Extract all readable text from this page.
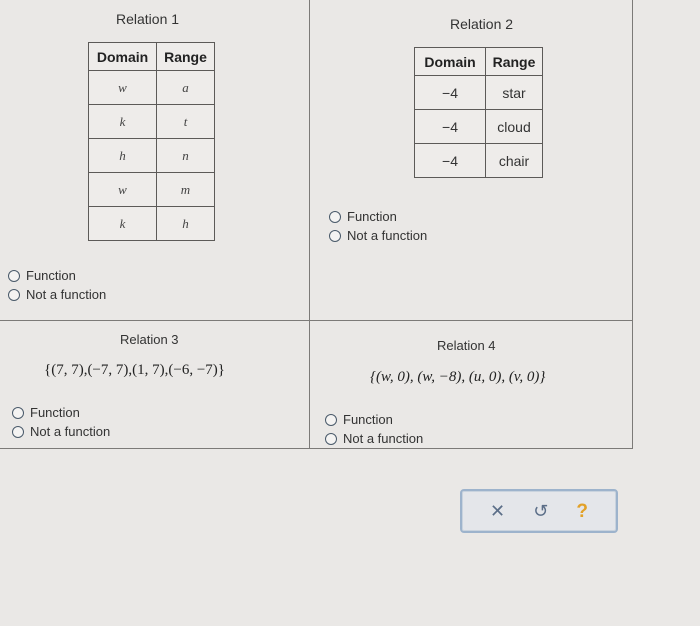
Relation 1
Domain	Range
w	a
k	t
h	n
w	m
k	h
Function
Not a function
Relation 2
Domain	Range
−4	star
−4	cloud
−4	chair
Function
Not a function
Relation 3
{(7, 7),(−7, 7),(1, 7),(−6, −7)}
Function
Not a function
Relation 4
{(w, 0), (w, −8), (u, 0), (v, 0)}
Function
Not a function
✕ ↺ ?
